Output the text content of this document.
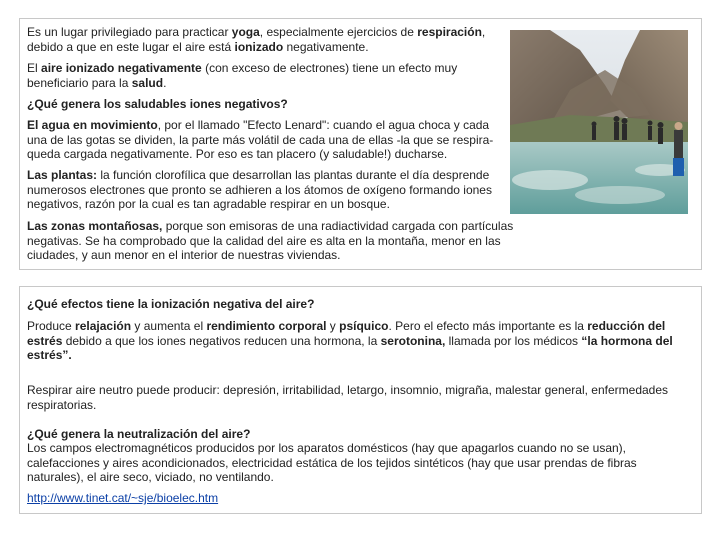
Es un lugar privilegiado para practicar yoga, especialmente ejercicios de respiración, debido a que en este lugar el aire está ionizado negativamente.

El aire ionizado negativamente (con exceso de electrones) tiene un efecto muy beneficiario para la salud.

¿Qué genera los saludables iones negativos?

El agua en movimiento, por el llamado "Efecto Lenard": cuando el agua choca y cada una de las gotas se dividen, la parte más volátil de cada una de ellas -la que se respira- queda cargada negativamente. Por eso es tan placero (y saludable!) ducharse.

Las plantas: la función clorofílica que desarrollan las plantas durante el día desprende numerosos electrones que pronto se adhieren a los átomos de oxígeno formando iones negativos, razón por la cual es tan agradable respirar en un bosque.

Las zonas montañosas, porque son emisoras de una radiactividad cargada con partículas negativas. Se ha comprobado que la calidad del aire es alta en la montaña, menor en las ciudades, y aun menor en el interior de nuestras viviendas.

¿Qué efectos tiene la ionización negativa del aire?

Produce relajación y aumenta el rendimiento corporal y psíquico. Pero el efecto más importante es la reducción del estrés debido a que los iones negativos reducen una hormona, la serotonina, llamada por los médicos “la hormona del estrés”.

Respirar aire neutro puede producir: depresión, irritabilidad, letargo, insomnio, migraña, malestar general, enfermedades respiratorias.
¿Qué genera la neutralización del aire?
Los campos electromagnéticos producidos por los aparatos domésticos (hay que apagarlos cuando no se usan), calefacciones y aires acondicionados, electricidad estática de los tejidos sintéticos (hay que usar prendas de fibras naturales), el aire seco, viciado, no ventilando.
http://www.tinet.cat/~sje/bioelec.htm
